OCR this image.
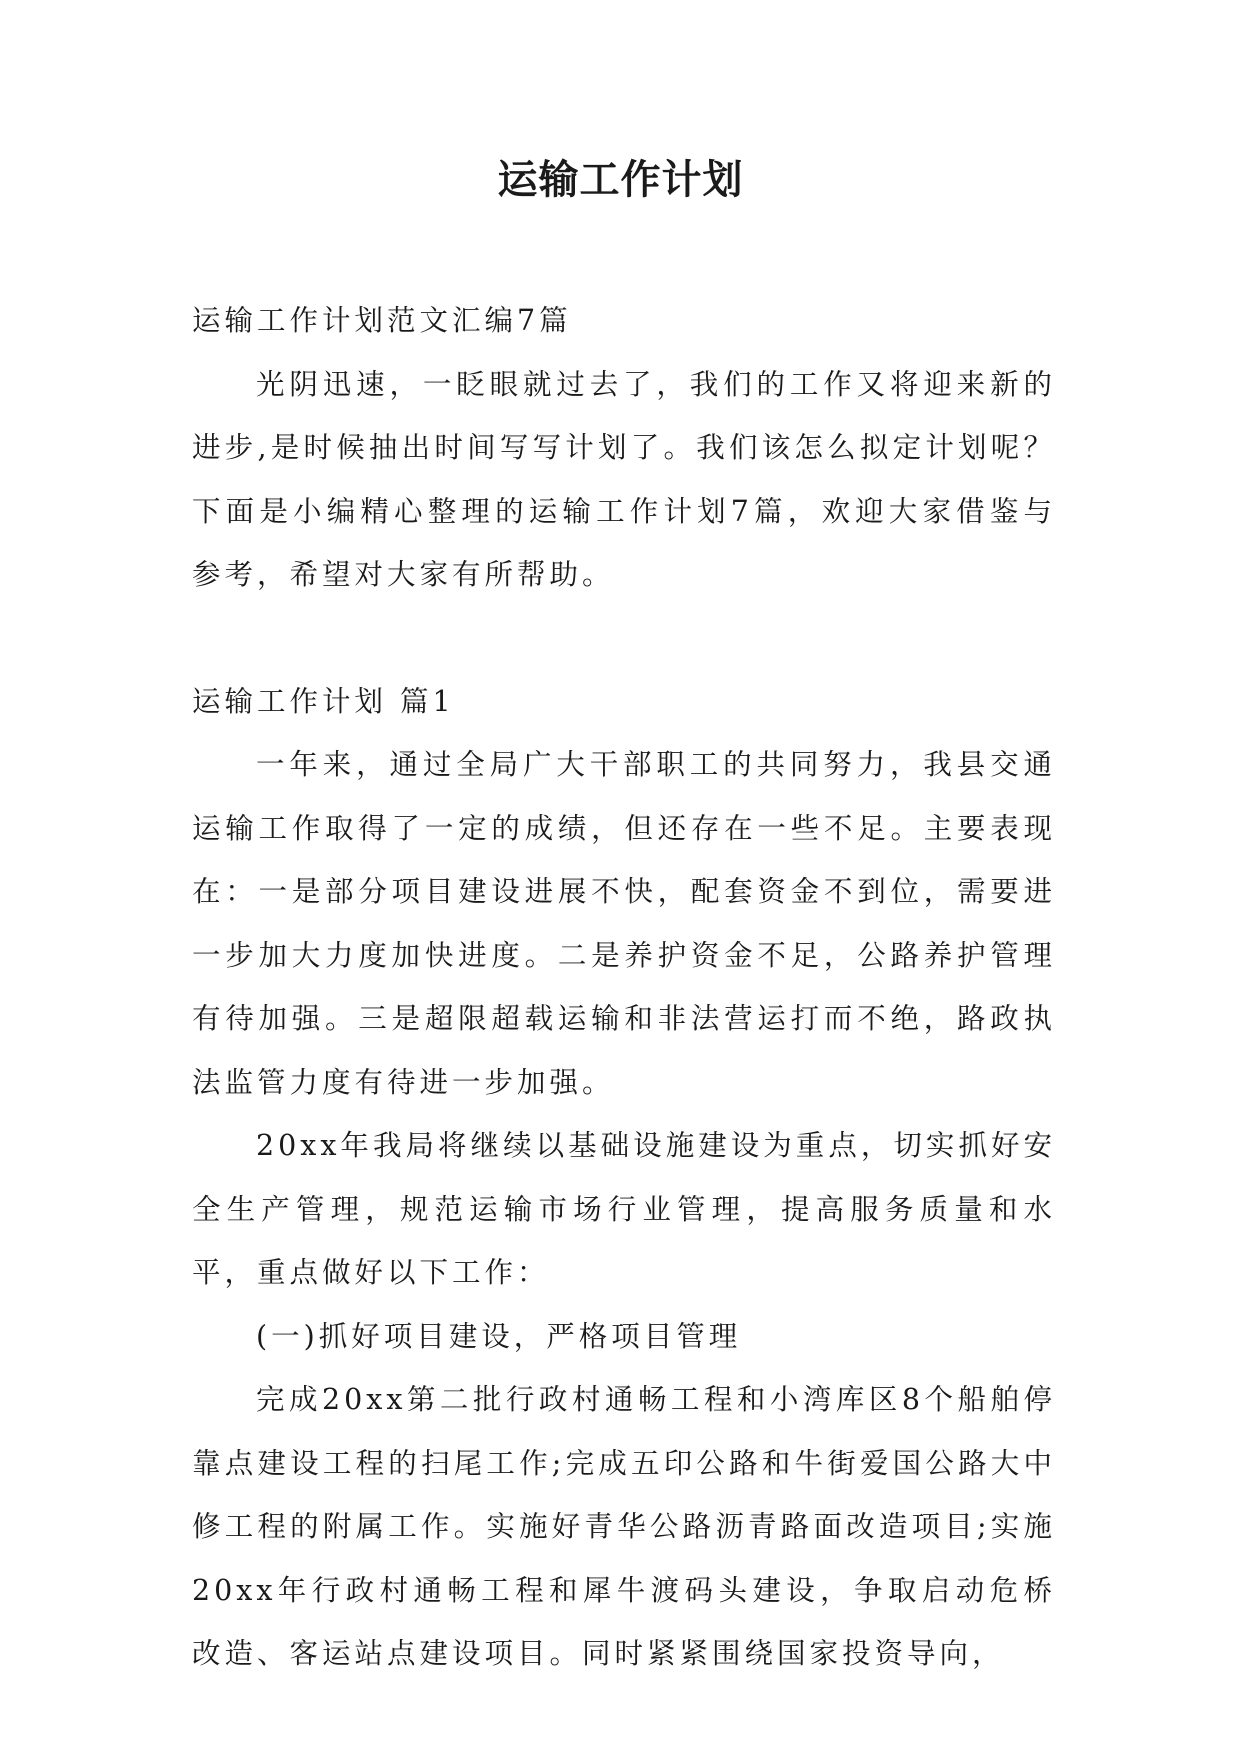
运输工作计划

运输工作计划范文汇编7篇

光阴迅速，一眨眼就过去了，我们的工作又将迎来新的进步,是时候抽出时间写写计划了。我们该怎么拟定计划呢？下面是小编精心整理的运输工作计划7篇，欢迎大家借鉴与参考，希望对大家有所帮助。

运输工作计划 篇1

一年来，通过全局广大干部职工的共同努力，我县交通运输工作取得了一定的成绩，但还存在一些不足。主要表现在：一是部分项目建设进展不快，配套资金不到位，需要进一步加大力度加快进度。二是养护资金不足，公路养护管理有待加强。三是超限超载运输和非法营运打而不绝，路政执法监管力度有待进一步加强。

20xx年我局将继续以基础设施建设为重点，切实抓好安全生产管理，规范运输市场行业管理，提高服务质量和水平，重点做好以下工作：

(一)抓好项目建设，严格项目管理

完成20xx第二批行政村通畅工程和小湾库区8个船舶停靠点建设工程的扫尾工作;完成五印公路和牛街爱国公路大中修工程的附属工作。实施好青华公路沥青路面改造项目;实施20xx年行政村通畅工程和犀牛渡码头建设，争取启动危桥改造、客运站点建设项目。同时紧紧围绕国家投资导向，
